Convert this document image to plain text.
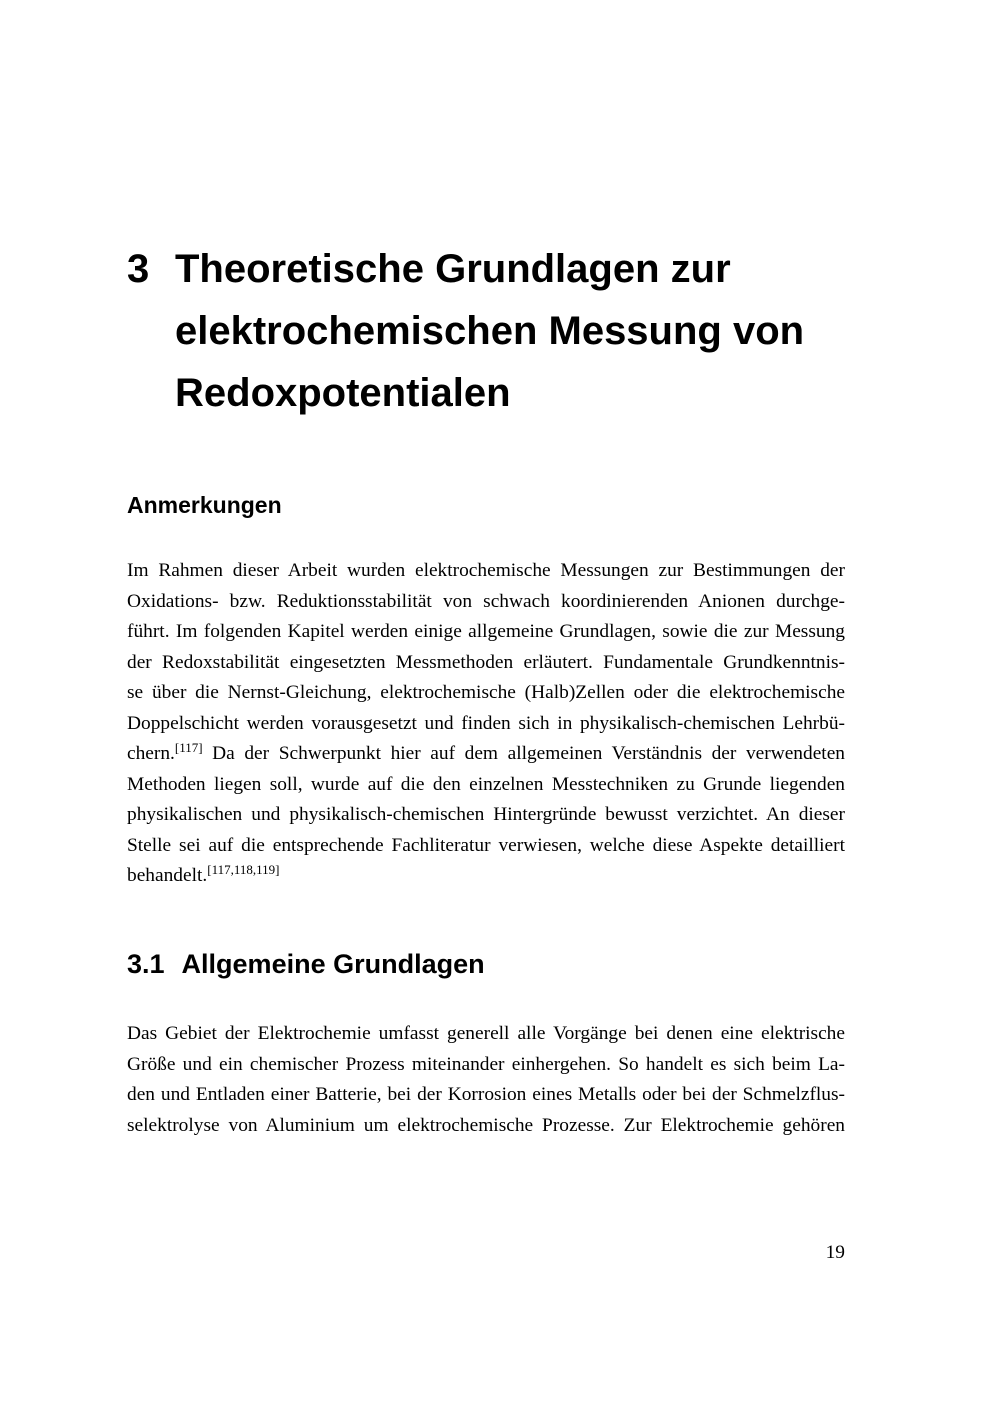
3 Theoretische Grundlagen zur
elektrochemischen Messung von
Redoxpotentialen
Anmerkungen
Im Rahmen dieser Arbeit wurden elektrochemische Messungen zur Bestimmungen der
Oxidations- bzw. Reduktionsstabilität von schwach koordinierenden Anionen durchge-
führt. Im folgenden Kapitel werden einige allgemeine Grundlagen, sowie die zur Messung
der Redoxstabilität eingesetzten Messmethoden erläutert. Fundamentale Grundkenntnis-
se über die Nernst-Gleichung, elektrochemische (Halb)Zellen oder die elektrochemische
Doppelschicht werden vorausgesetzt und finden sich in physikalisch-chemischen Lehrbü-
chern.[117] Da der Schwerpunkt hier auf dem allgemeinen Verständnis der verwendeten
Methoden liegen soll, wurde auf die den einzelnen Messtechniken zu Grunde liegenden
physikalischen und physikalisch-chemischen Hintergründe bewusst verzichtet. An dieser
Stelle sei auf die entsprechende Fachliteratur verwiesen, welche diese Aspekte detailliert
behandelt.[117,118,119]
3.1 Allgemeine Grundlagen
Das Gebiet der Elektrochemie umfasst generell alle Vorgänge bei denen eine elektrische
Größe und ein chemischer Prozess miteinander einhergehen. So handelt es sich beim La-
den und Entladen einer Batterie, bei der Korrosion eines Metalls oder bei der Schmelzflus-
selektrolyse von Aluminium um elektrochemische Prozesse. Zur Elektrochemie gehören
19
